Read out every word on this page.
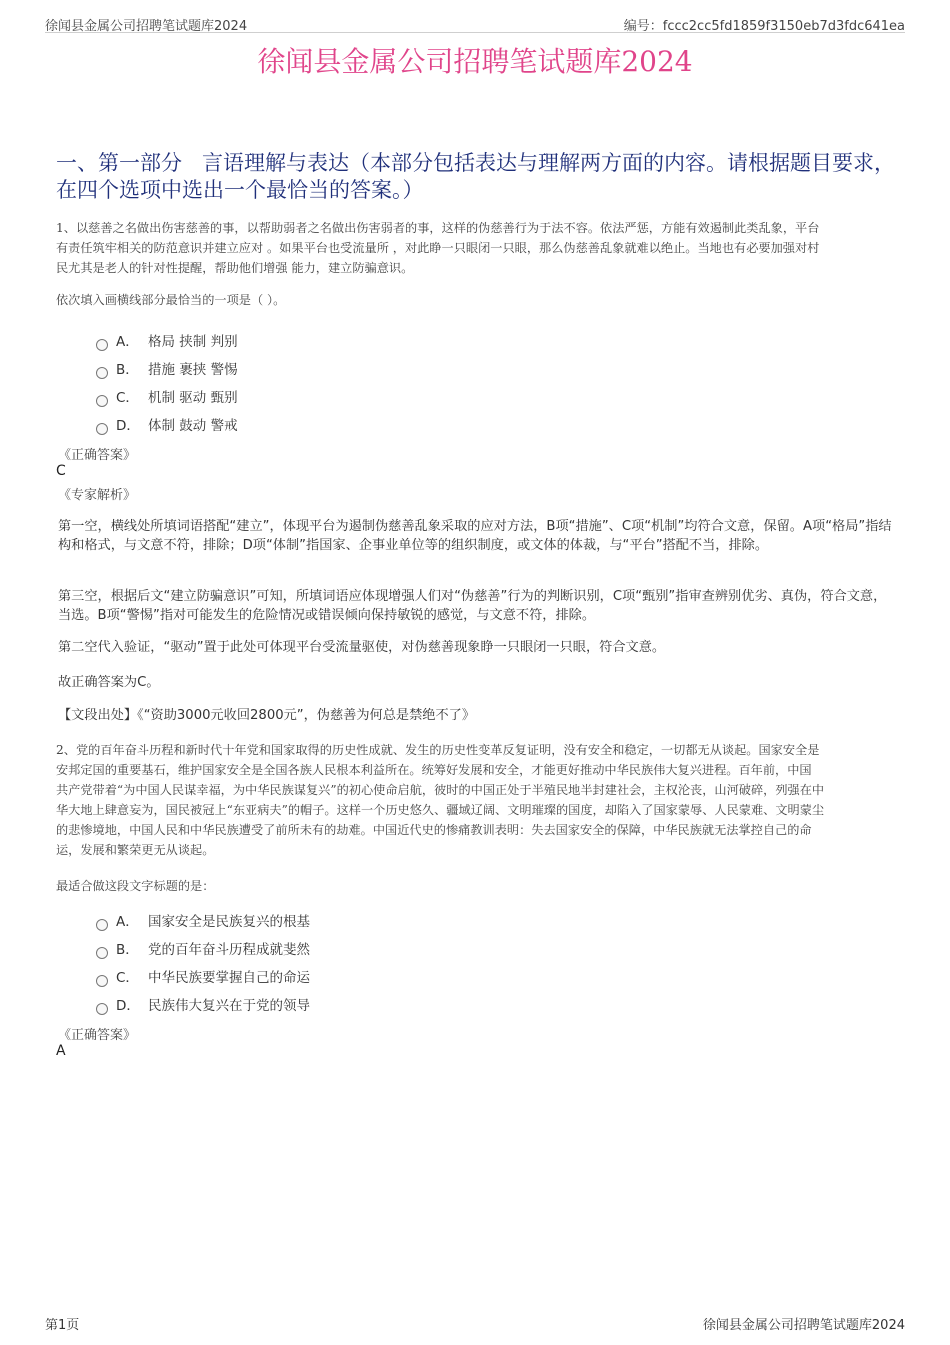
徐闻县金属公司招聘笔试题库2024	编号：fccc2cc5fd1859f3150eb7d3fdc641ea
徐闻县金属公司招聘笔试题库2024
一、第一部分 言语理解与表达（本部分包括表达与理解两方面的内容。请根据题目要求，在四个选项中选出一个最恰当的答案。）
1、以慈善之名做出伤害慈善的事，以帮助弱者之名做出伤害弱者的事，这样的伪慈善行为于法不容。依法严惩，方能有效遏制此类乱象，平台
有责任筑牢相关的防范意识并建立应对 。如果平台也受流量所 ，对此睁一只眼闭一只眼，那么伪慈善乱象就难以绝止。当地也有必要加强对村
民尤其是老人的针对性提醒，帮助他们增强 能力，建立防骗意识。
依次填入画横线部分最恰当的一项是（ ）。
A． 格局 挟制 判别
B． 措施 裹挟 警惕
C． 机制 驱动 甄别
D． 体制 鼓动 警戒
《正确答案》
C
《专家解析》
第一空，横线处所填词语搭配“建立”，体现平台为遏制伪慈善乱象采取的应对方法，B项“措施”、C项“机制”均符合文意，保留。A项“格局”指结构和格式，与文意不符，排除；D项“体制”指国家、企事业单位等的组织制度，或文体的体裁，与“平台”搭配不当，排除。
第三空，根据后文“建立防骗意识”可知，所填词语应体现增强人们对“伪慈善”行为的判断识别，C项“甄别”指审查辨别优劣、真伪，符合文意，当选。B项“警惕”指对可能发生的危险情况或错误倾向保持敏锐的感觉，与文意不符，排除。
第二空代入验证，“驱动”置于此处可体现平台受流量驱使，对伪慈善现象睁一只眼闭一只眼，符合文意。
故正确答案为C。
【文段出处】《“资助3000元收回2800元”，伪慈善为何总是禁绝不了》
2、党的百年奋斗历程和新时代十年党和国家取得的历史性成就、发生的历史性变革反复证明，没有安全和稳定，一切都无从谈起。国家安全是
安邦定国的重要基石，维护国家安全是全国各族人民根本利益所在。统筹好发展和安全，才能更好推动中华民族伟大复兴进程。百年前，中国
共产党带着“为中国人民谋幸福，为中华民族谋复兴”的初心使命启航，彼时的中国正处于半殖民地半封建社会，主权沦丧，山河破碎，列强在中
华大地上肆意妄为，国民被冠上“东亚病夫”的帽子。这样一个历史悠久、疆域辽阔、文明璀璨的国度，却陷入了国家蒙辱、人民蒙难、文明蒙尘
的悲惨境地，中国人民和中华民族遭受了前所未有的劫难。中国近代史的惨痛教训表明：失去国家安全的保障，中华民族就无法掌控自己的命
运，发展和繁荣更无从谈起。
最适合做这段文字标题的是：
A． 国家安全是民族复兴的根基
B． 党的百年奋斗历程成就斐然
C． 中华民族要掌握自己的命运
D． 民族伟大复兴在于党的领导
《正确答案》
A
第1页	徐闻县金属公司招聘笔试题库2024
